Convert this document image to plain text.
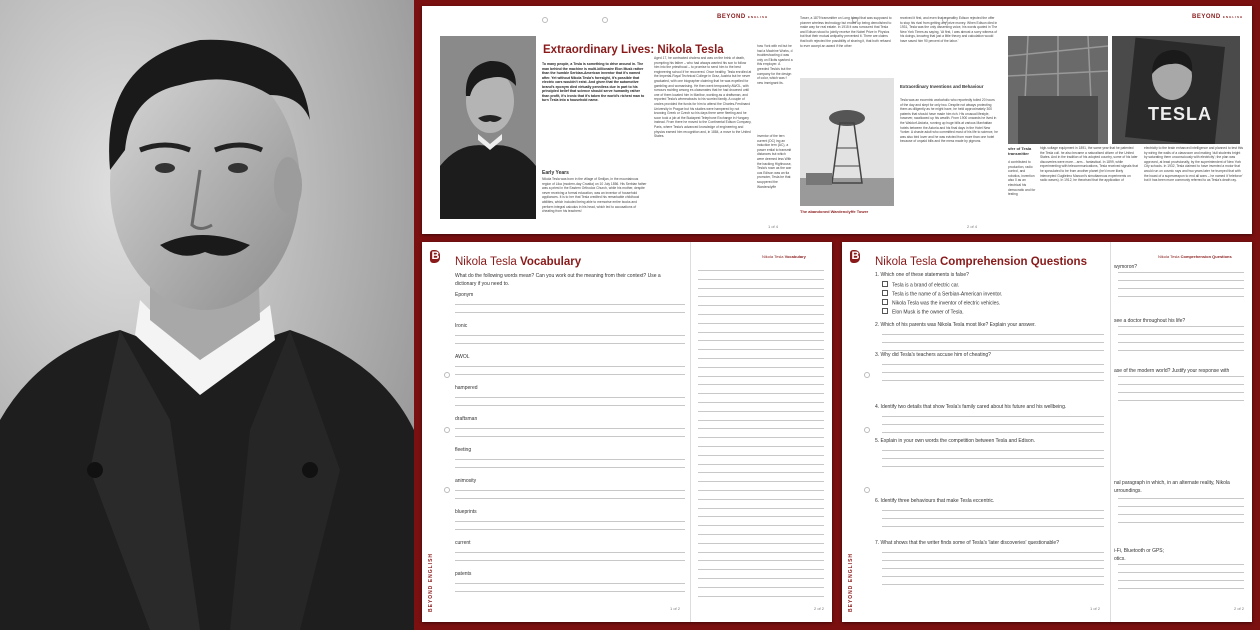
BEYOND ENGLISH	BEYOND ENGLISH
Extraordinary Lives: Nikola Tesla
To many people, a Tesla is something to drive around in. The man behind the machine is multi-billionaire Elon Musk rather than the humble Serbian-American inventor that it's named after. Yet without Nikola Tesla's foresight, it's possible that electric cars wouldn't exist. And given that the automotive brand's eponym died virtually penniless due in part to his principled belief that science should serve humanity rather than profit, it's ironic that it's taken the world's richest man to turn Tesla into a household name.
Early Years
Nikola Tesla was born in the village of Smiljan, in the mountainous region of Lika (modern-day Croatia) on 10 July 1856. His Serbian father was a priest in the Eastern Orthodox Church, while his mother, despite never receiving a formal education, was an inventor of household appliances. It is to her that Tesla credited his remarkable childhood abilities, which included being able to memorise entire books and perform integral calculus in his head, which led to accusations of cheating from his teachers!
Aged 17, he contracted cholera and was on the brink of death, prompting his father – who had always wanted his son to follow him into the priesthood – to promise to send him to the best engineering school if he recovered. Once healthy, Tesla enrolled at the Imperial-Royal Technical College in Graz, Austria but he never graduated, with one biographer claiming that he was expelled for gambling and womanising. He then went temporarily AWOL, with rumours swirling among ex-classmates that he had drowned until one of them located him in Maribor, working as a draftsman, and reported Tesla's whereabouts to his worried family. A couple of uncles provided the funds for him to attend the Charles-Ferdinand University in Prague but his studies were hampered by not knowing Greek or Czech so his days there were fleeting and he soon took a job at the Budapest Telephone Exchange in Hungary instead. From there he moved to the Continental Edison Company, Paris, where Tesla's advanced knowledge of engineering and physics earned him recognition and, in 1884, a move to the United States.
how York with ed but he had a Machine Works, d troubleshooting d was only on Elicits sparked a this employer. A greeded Tesla's but the company for the design of color, which was f new immigrant its.
inventor of the tern current (DC) ing an induction tern (AC), a power ential to transmit distances but which were deemed less With the backing Highhouse, Tesla's rown as the war ous Edison was an tla promoter, Tesla be that scuppered the Wardenclyffe
1 of 4
Tower, a 1879 transmitter on Long Island that was supposed to pioneer wireless technology but ended up being demolished to make way for real estate. In 1915 it was rumoured that Tesla and Edison stood to jointly receive the Nobel Prize in Physics but that their mutual antipathy prevented it. There are claims that both rejected the possibility of sharing it, that both refused to ever accept an award if the other
The abandoned Wardenclyffe Tower
received it first, and even that a wealthy Edison rejected the offer to stop his rival from getting any prize money. When Edison died in 1931, Tesla was the only dissenting voice, his words quoted in The New York Times as saying, 'At first, I was almost a sorry witness of his doings, knowing that just a little theory and calculation would have saved him 90 percent of the labor.'
Extraordinary Inventions and Behaviour
Tesla was an eccentric workaholic who reportedly toiled 20 hours of the day and slept for only two. Despite not always protecting them as diligently as he might have, he held approximately 300 patents that should have made him rich. His unusual lifestyle, however, swallowed up his wealth. From 1900 onwards he lived in the Waldorf-Astoria, running up huge bills at various Manhattan hotels between the Astoria and his final days in the Hotel New Yorker. A chaste adult who committed most of his life to science, he was also bird lover and he was evicted from more than one hotel because of unpaid bills and the mess made by pigeons.
2 of 4
TESLA
sfer of Tesla transmitter
d contributed to production, radio control, and robotics, invention also 0 as an electrical his democratic and for testing
high-voltage equipment in 1891, the same year that he patented the Tesla coil. he also became a naturalised citizen of the United States. And in the tradition of his adopted country, some of his later discoveries were more... arm... fantastical. In 1899, while experimenting with telecommunications, Tesla received signals that he speculated to be from another planet (he'd more likely intercepted Guglielmo Marconi's simultaneous experiments on radio waves). In 1912, he theorised that the application of
electricity to the brain enhanced intelligence and planned to test this by wiring the walls of a classroom and making 'dull students bright by saturating them unconsciously with electricity'; the plan was approved, at least provisionally, by the superintendent of New York City schools. In 1932, Tesla claimed to have invented a motor that would run on cosmic rays and two years later he trumped that with the boast of a superweapon to end all wars – he named it 'teleforce' but it has been more commonly referred to as Tesla's death ray.
B
Nikola Tesla Vocabulary	Nikola Tesla Vocabulary
What do the following words mean? Can you work out the meaning from their context? Use a dictionary if you need to.
BEYOND ENGLISH
1 of 2	2 of 2
Eponym
Ironic
AWOL
hampered
draftsman
fleeting
animosity
blueprints
current
patents
B
Nikola Tesla Comprehension Questions	Nikola Tesla Comprehension Questions
BEYOND ENGLISH
wymoron?
see a doctor throughout his life?
ase of the modern world? Justify your response with
nal paragraph in which, in an alternate reality, Nikola
urroundings.
i-Fi, Bluetooth or GPS;
otics.
1 of 2	2 of 2
1. Which one of these statements is false?
Tesla is a brand of electric car.
Tesla is the name of a Serbian-American inventor.
Nikola Tesla was the inventor of electric vehicles.
Elon Musk is the owner of Tesla.
2. Which of his parents was Nikola Tesla most like? Explain your answer.
3. Why did Tesla's teachers accuse him of cheating?
4. Identify two details that show Tesla's family cared about his future and his wellbeing.
5. Explain in your own words the competition between Tesla and Edison.
6. Identify three behaviours that make Tesla eccentric.
7. What shows that the writer finds some of Tesla's 'later discoveries' questionable?
